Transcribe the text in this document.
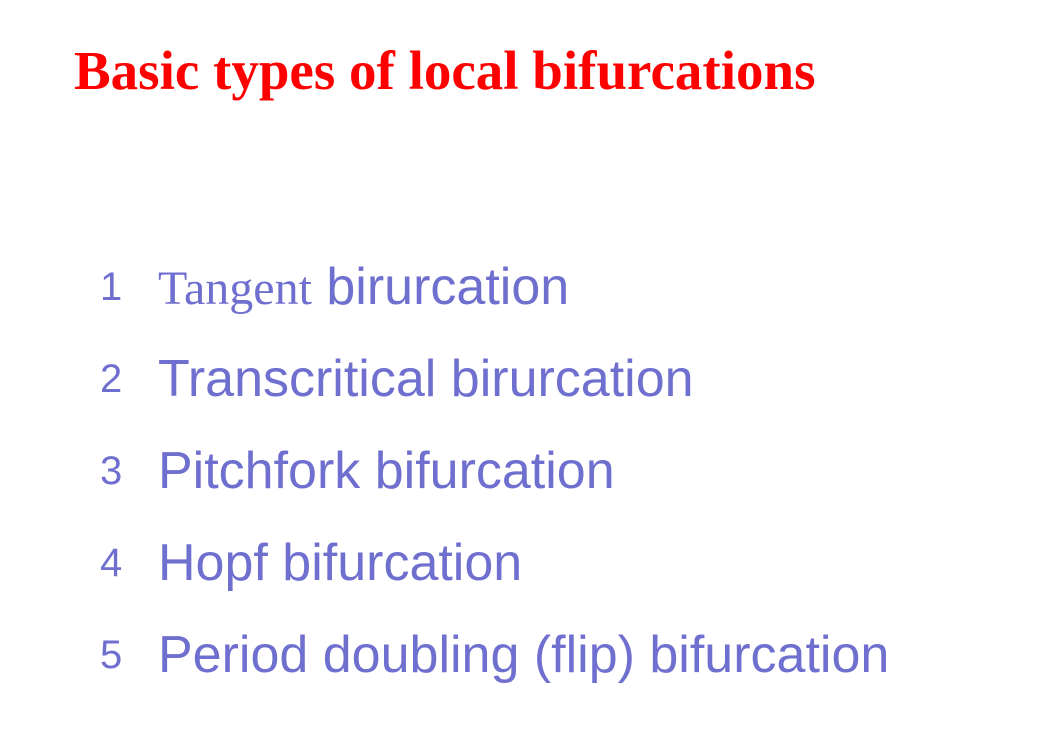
Basic types of local bifurcations
1 Tangent birurcation
2 Transcritical birurcation
3 Pitchfork bifurcation
4 Hopf bifurcation
5 Period doubling (flip) bifurcation
